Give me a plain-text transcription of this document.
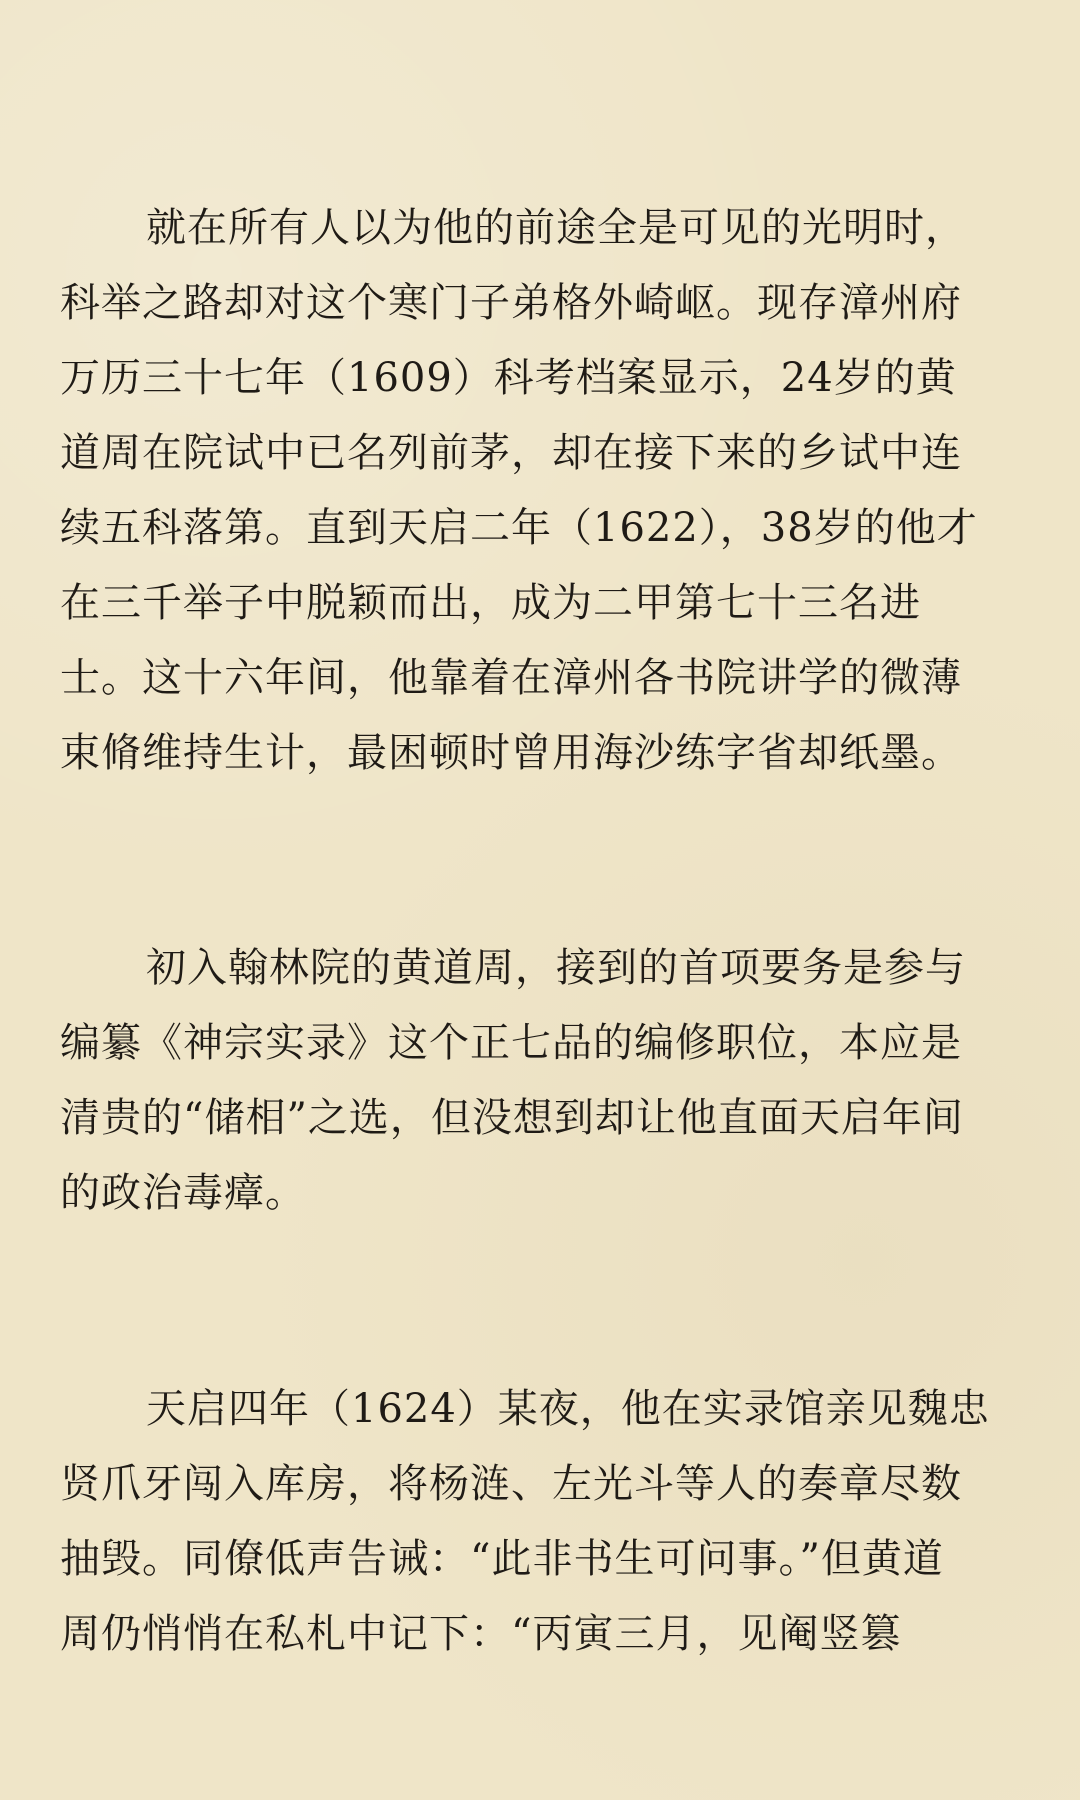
就在所有人以为他的前途全是可见的光明时，
科举之路却对这个寒门子弟格外崎岖。现存漳州府
万历三十七年（1609）科考档案显示，24岁的黄
道周在院试中已名列前茅，却在接下来的乡试中连
续五科落第。直到天启二年（1622），38岁的他才
在三千举子中脱颖而出，成为二甲第七十三名进
士。这十六年间，他靠着在漳州各书院讲学的微薄
束脩维持生计，最困顿时曾用海沙练字省却纸墨。
初入翰林院的黄道周，接到的首项要务是参与
编纂《神宗实录》这个正七品的编修职位，本应是
清贵的“储相”之选，但没想到却让他直面天启年间
的政治毒瘴。
天启四年（1624）某夜，他在实录馆亲见魏忠
贤爪牙闯入库房，将杨涟、左光斗等人的奏章尽数
抽毁。同僚低声告诫：“此非书生可问事。”但黄道
周仍悄悄在私札中记下：“丙寅三月，见阉竖篡
